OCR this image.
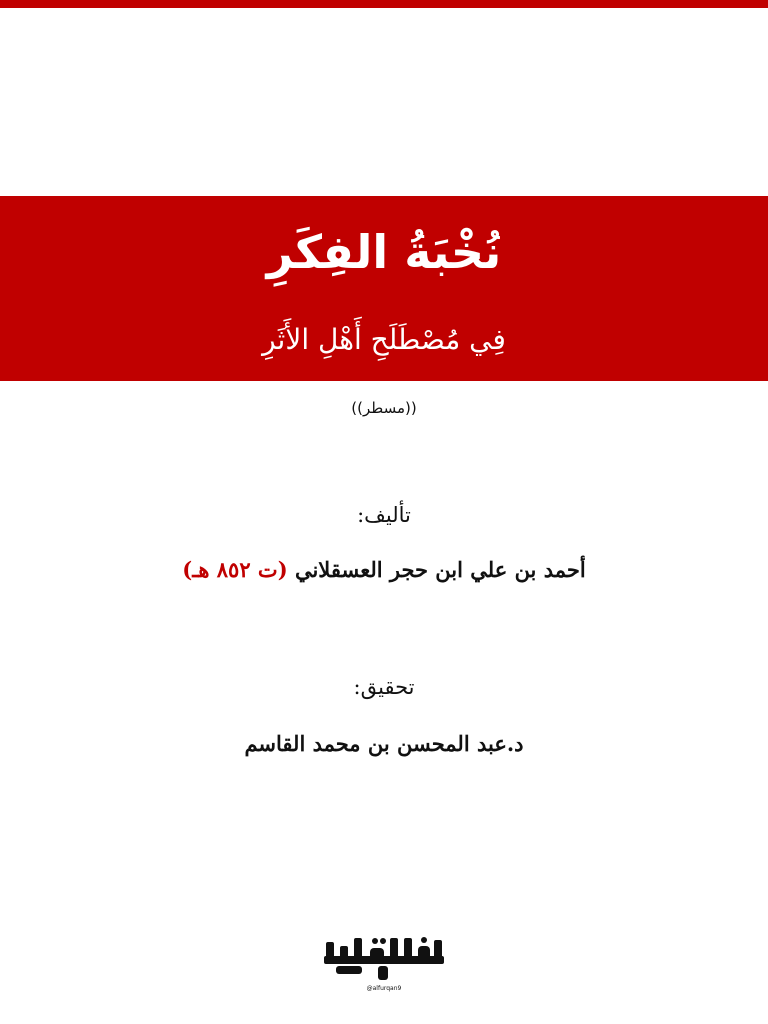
نُخْبَةُ الفِكَرِ
فِي مُصْطَلَحِ أَهْلِ الأَثَرِ
((مسطر))
تأليف:
أحمد بن علي ابن حجر العسقلاني (ت ٨٥٢ هـ)
تحقيق:
د.عبد المحسن بن محمد القاسم
@alfurqan9
